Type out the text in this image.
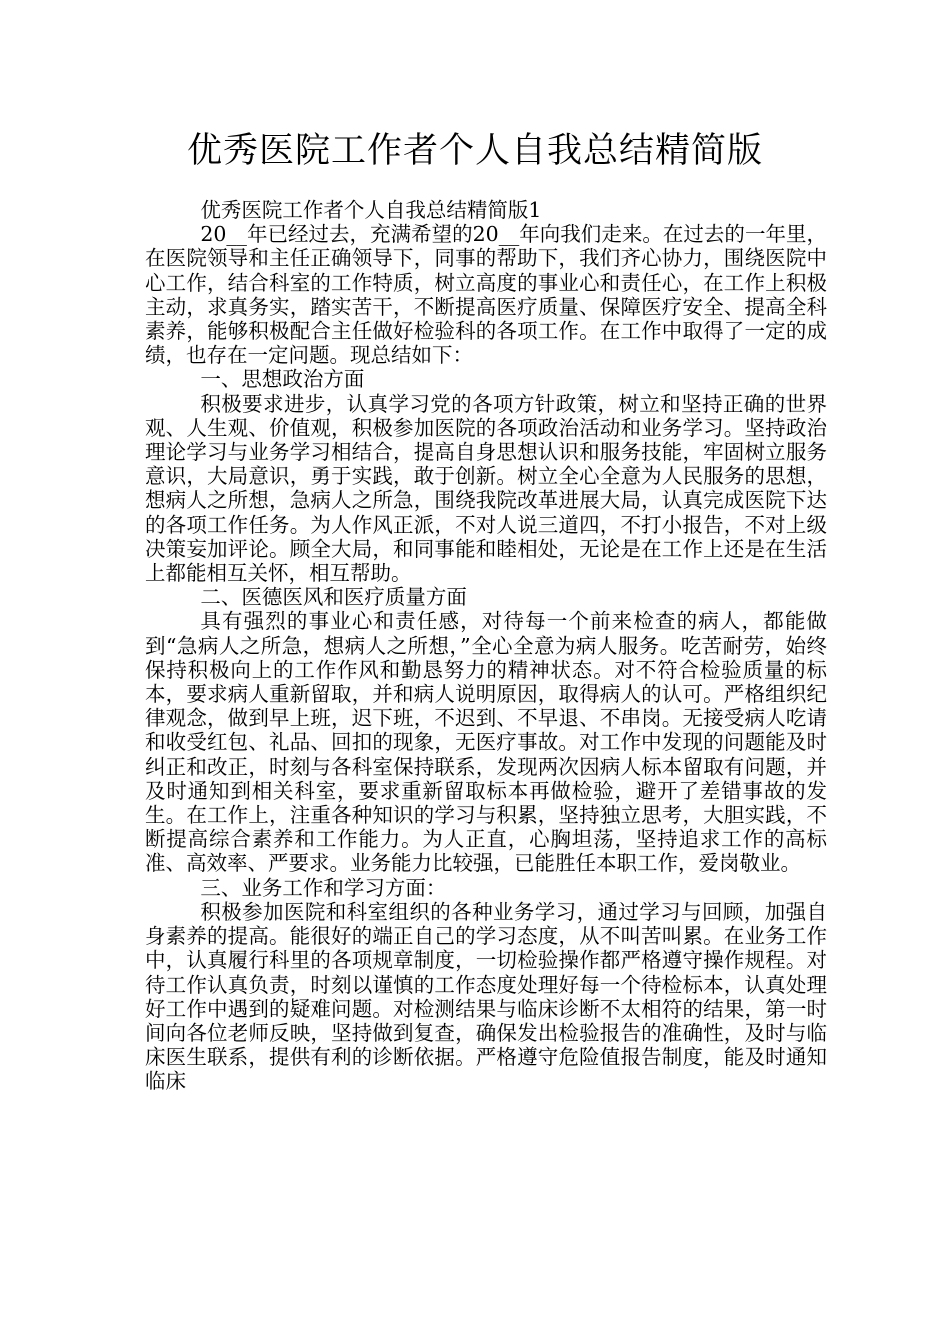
优秀医院工作者个人自我总结精简版

优秀医院工作者个人自我总结精简版1

20__年已经过去，充满希望的20__年向我们走来。在过去的一年里，在医院领导和主任正确领导下，同事的帮助下，我们齐心协力，围绕医院中心工作，结合科室的工作特质，树立高度的事业心和责任心，在工作上积极主动，求真务实，踏实苦干，不断提高医疗质量、保障医疗安全、提高全科素养，能够积极配合主任做好检验科的各项工作。在工作中取得了一定的成绩，也存在一定问题。现总结如下：

一、思想政治方面

积极要求进步，认真学习党的各项方针政策，树立和坚持正确的世界观、人生观、价值观，积极参加医院的各项政治活动和业务学习。坚持政治理论学习与业务学习相结合，提高自身思想认识和服务技能，牢固树立服务意识，大局意识，勇于实践，敢于创新。树立全心全意为人民服务的思想，想病人之所想，急病人之所急，围绕我院改革进展大局，认真完成医院下达的各项工作任务。为人作风正派，不对人说三道四，不打小报告，不对上级决策妄加评论。顾全大局，和同事能和睦相处，无论是在工作上还是在生活上都能相互关怀，相互帮助。

二、医德医风和医疗质量方面

具有强烈的事业心和责任感，对待每一个前来检查的病人，都能做到“急病人之所急，想病人之所想，”全心全意为病人服务。吃苦耐劳，始终保持积极向上的工作作风和勤恳努力的精神状态。对不符合检验质量的标本，要求病人重新留取，并和病人说明原因，取得病人的认可。严格组织纪律观念，做到早上班，迟下班，不迟到、不早退、不串岗。无接受病人吃请和收受红包、礼品、回扣的现象，无医疗事故。对工作中发现的问题能及时纠正和改正，时刻与各科室保持联系，发现两次因病人标本留取有问题，并及时通知到相关科室，要求重新留取标本再做检验，避开了差错事故的发生。在工作上，注重各种知识的学习与积累，坚持独立思考，大胆实践，不断提高综合素养和工作能力。为人正直，心胸坦荡，坚持追求工作的高标准、高效率、严要求。业务能力比较强，已能胜任本职工作，爱岗敬业。

三、业务工作和学习方面：

积极参加医院和科室组织的各种业务学习，通过学习与回顾，加强自身素养的提高。能很好的端正自己的学习态度，从不叫苦叫累。在业务工作中，认真履行科里的各项规章制度，一切检验操作都严格遵守操作规程。对待工作认真负责，时刻以谨慎的工作态度处理好每一个待检标本，认真处理好工作中遇到的疑难问题。对检测结果与临床诊断不太相符的结果，第一时间向各位老师反映，坚持做到复查，确保发出检验报告的准确性，及时与临床医生联系，提供有利的诊断依据。严格遵守危险值报告制度，能及时通知临床
